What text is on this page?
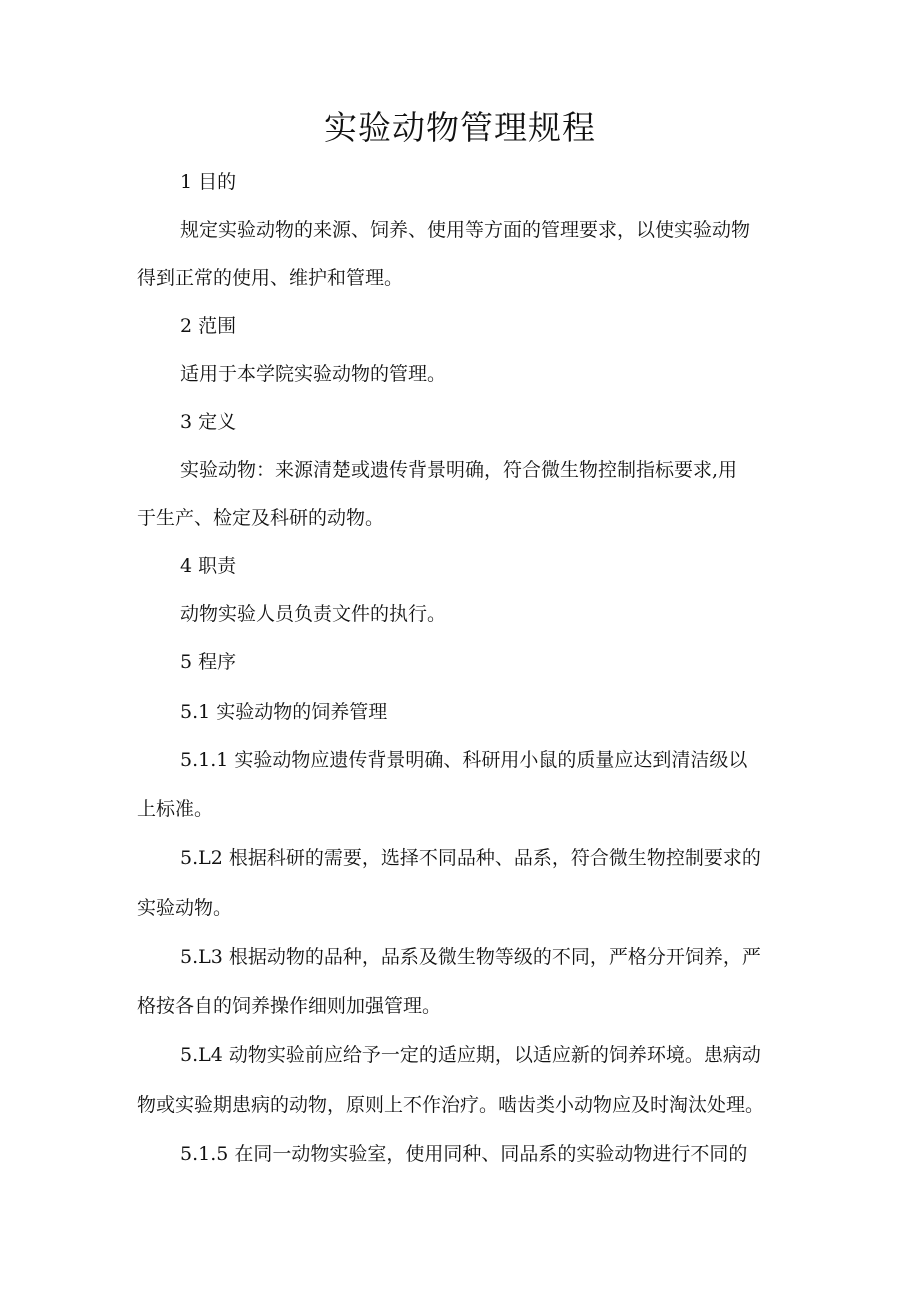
实验动物管理规程
1 目的
规定实验动物的来源、饲养、使用等方面的管理要求，以使实验动物
得到正常的使用、维护和管理。
2 范围
适用于本学院实验动物的管理。
3 定义
实验动物：来源清楚或遗传背景明确，符合微生物控制指标要求,用
于生产、检定及科研的动物。
4 职责
动物实验人员负责文件的执行。
5 程序
5.1 实验动物的饲养管理
5.1.1 实验动物应遗传背景明确、科研用小鼠的质量应达到清洁级以
上标准。
5.L2 根据科研的需要，选择不同品种、品系，符合微生物控制要求的
实验动物。
5.L3 根据动物的品种，品系及微生物等级的不同，严格分开饲养，严
格按各自的饲养操作细则加强管理。
5.L4 动物实验前应给予一定的适应期，以适应新的饲养环境。患病动
物或实验期患病的动物，原则上不作治疗。啮齿类小动物应及时淘汰处理。
5.1.5 在同一动物实验室，使用同种、同品系的实验动物进行不同的
